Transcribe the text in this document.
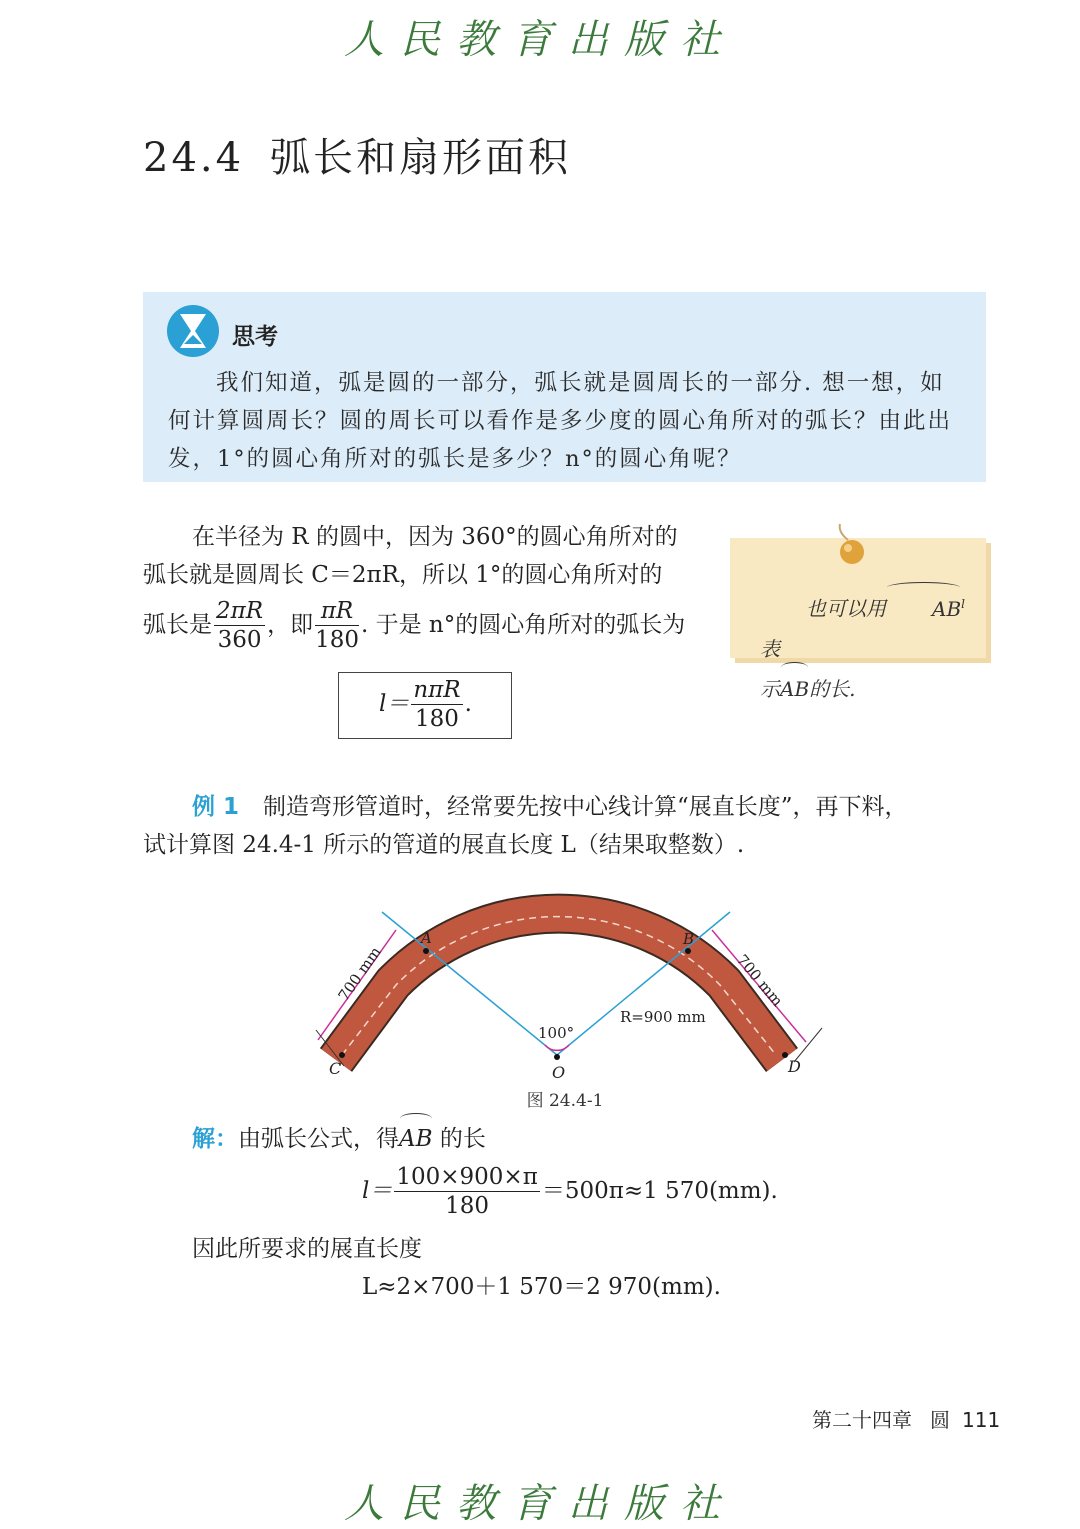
人民教育出版社
24.4 弧长和扇形面积
思考
我们知道，弧是圆的一部分，弧长就是圆周长的一部分. 想一想，如
何计算圆周长？圆的周长可以看作是多少度的圆心角所对的弧长？由此出
发，1°的圆心角所对的弧长是多少？n°的圆心角呢？
在半径为 R 的圆中，因为 360°的圆心角所对的
弧长就是圆周长 C＝2πR，所以 1°的圆心角所对的
弧长是 $\frac{2\pi R}{360}$ ，即 $\frac{\pi R}{180}$ . 于是 n°的圆心角所对的弧长为
$l= \frac{\text{nπR}}{180}$ .
也可以用 $AB^l$ 表
示AB的长.
例 1 制造弯形管道时，经常要先按中心线计算“展直长度”，再下料，
试计算图 24.4-1 所示的管道的展直长度 L（结果取整数）.
A	B
C	D
O
100°
R=900 mm
700 mm	700 mm
图 24.4-1
解：由弧长公式，得AB 的长
$l= \frac{100\times 900\times\pi}{180} =500\pi\approx 1$ 570(mm).
因此所要求的展直长度
L≈2×700＋1 570＝2 970(mm).
第二十四章 圆 111
人民教育出版社
